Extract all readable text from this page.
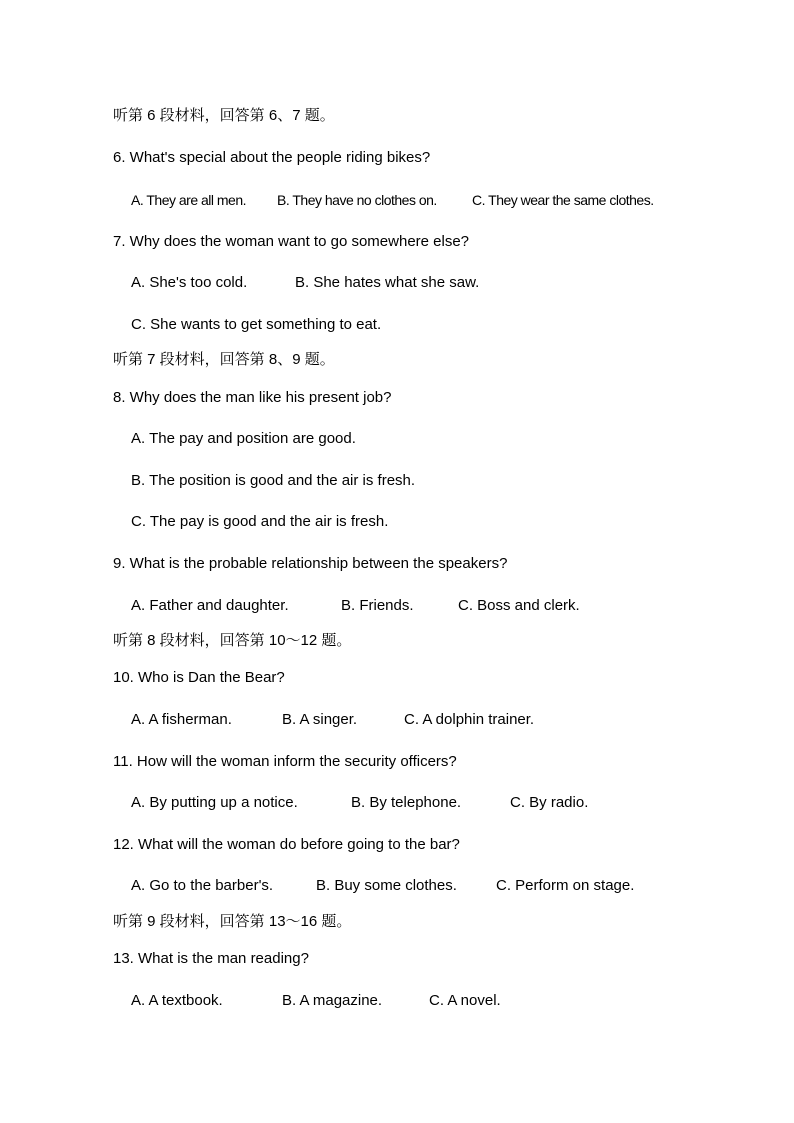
听第 6 段材料，回答第 6、7 题。
6. What's special about the people riding bikes?
A. They are all men. B. They have no clothes on.	C. They wear the same clothes.
7. Why does the woman want to go somewhere else?
A. She's too cold.	B. She hates what she saw.
C. She wants to get something to eat.
听第 7 段材料，回答第 8、9 题。
8. Why does the man like his present job?
A. The pay and position are good.
B. The position is good and the air is fresh.
C. The pay is good and the air is fresh.
9. What is the probable relationship between the speakers?
A. Father and daughter.	B. Friends.	C. Boss and clerk.
听第 8 段材料，回答第 10～12 题。
10. Who is Dan the Bear?
A. A fisherman.	B. A singer.	C. A dolphin trainer.
11. How will the woman inform the security officers?
A. By putting up a notice.	B. By telephone.	C. By radio.
12. What will the woman do before going to the bar?
A. Go to the barber's.	B. Buy some clothes.	C. Perform on stage.
听第 9 段材料，回答第 13～16 题。
13. What is the man reading?
A. A textbook.	B. A magazine.	C. A novel.
